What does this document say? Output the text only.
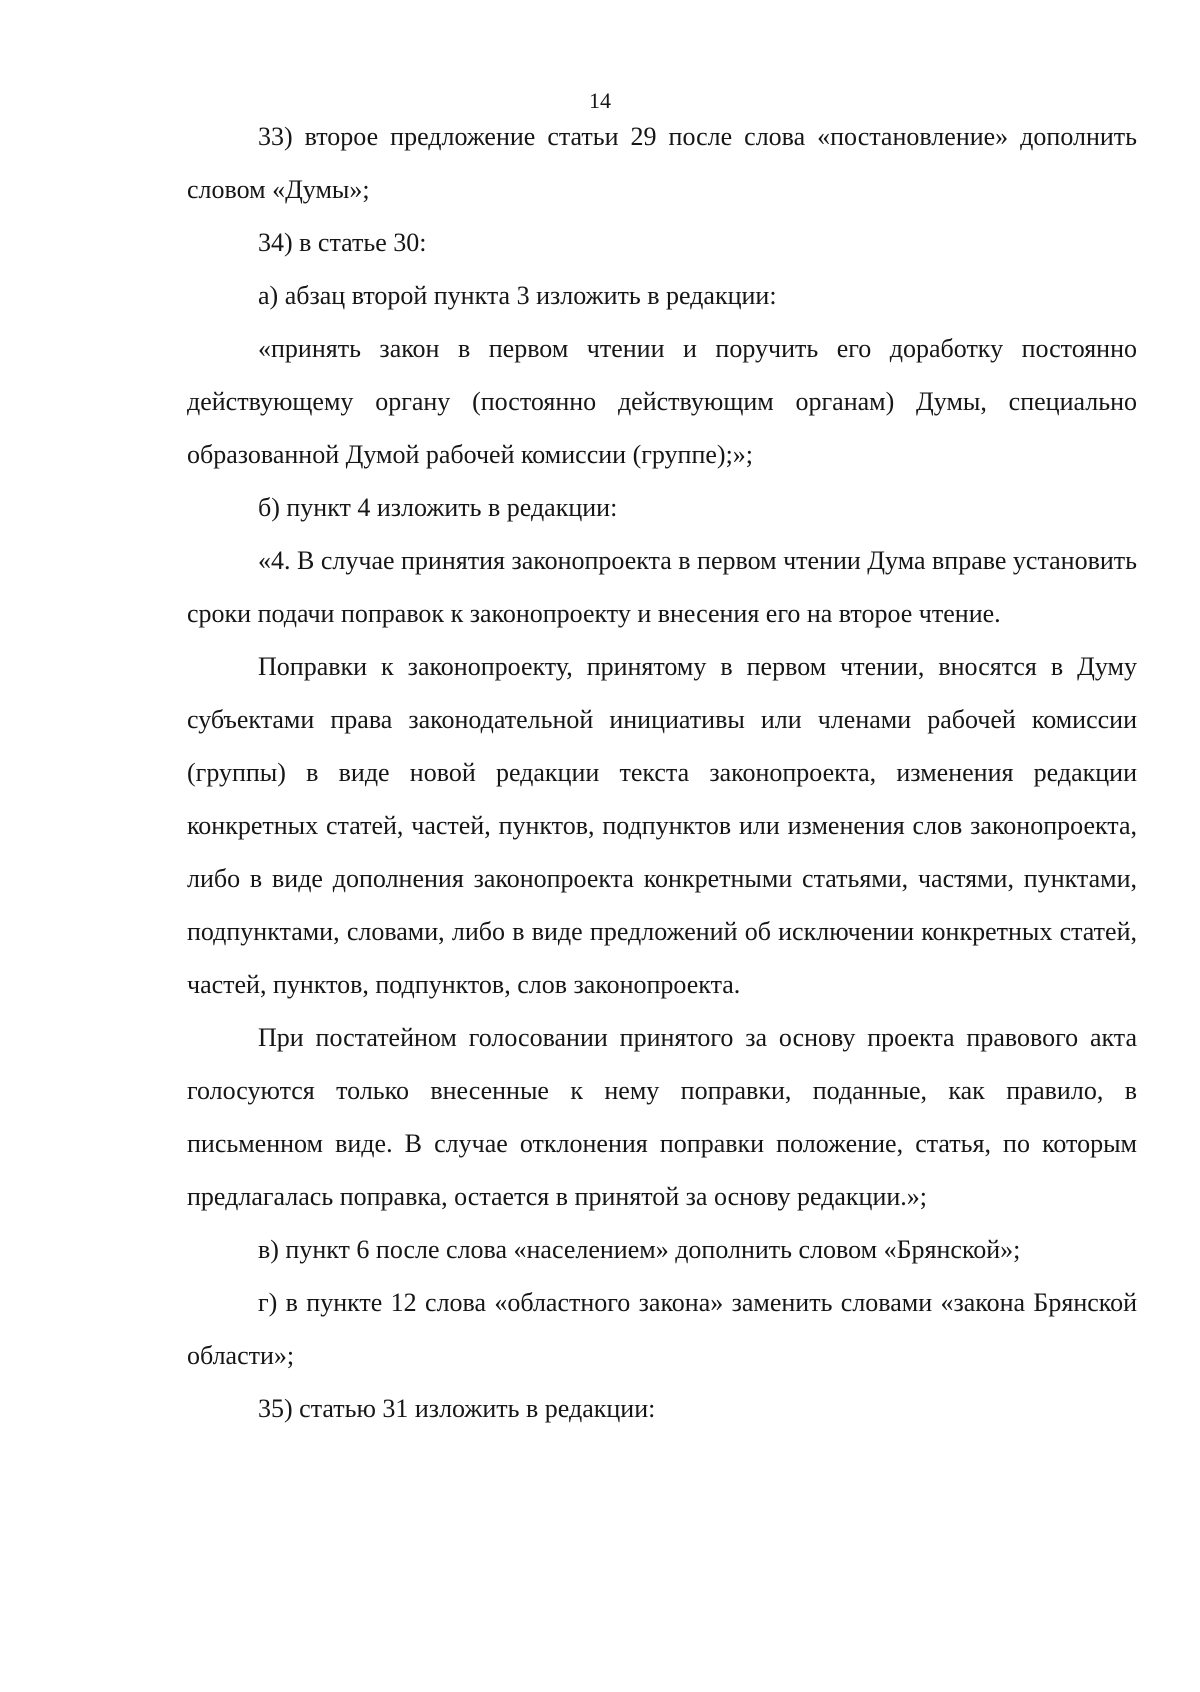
14

33) второе предложение статьи 29 после слова «постановление» дополнить словом «Думы»;

34) в статье 30:

а) абзац второй пункта 3 изложить в редакции:

«принять закон в первом чтении и поручить его доработку постоянно действующему органу (постоянно действующим органам) Думы, специально образованной Думой рабочей комиссии (группе);»;

б) пункт 4 изложить в редакции:

«4. В случае принятия законопроекта в первом чтении Дума вправе установить сроки подачи поправок к законопроекту и внесения его на второе чтение.

Поправки к законопроекту, принятому в первом чтении, вносятся в Думу субъектами права законодательной инициативы или членами рабочей комиссии (группы) в виде новой редакции текста законопроекта, изменения редакции конкретных статей, частей, пунктов, подпунктов или изменения слов законопроекта, либо в виде дополнения законопроекта конкретными статьями, частями, пунктами, подпунктами, словами, либо в виде предложений об исключении конкретных статей, частей, пунктов, подпунктов, слов законопроекта.

При постатейном голосовании принятого за основу проекта правового акта голосуются только внесенные к нему поправки, поданные, как правило, в письменном виде. В случае отклонения поправки положение, статья, по которым предлагалась поправка, остается в принятой за основу редакции.»;

в) пункт 6 после слова «населением» дополнить словом «Брянской»;

г) в пункте 12 слова «областного закона» заменить словами «закона Брянской области»;

35) статью 31 изложить в редакции:
